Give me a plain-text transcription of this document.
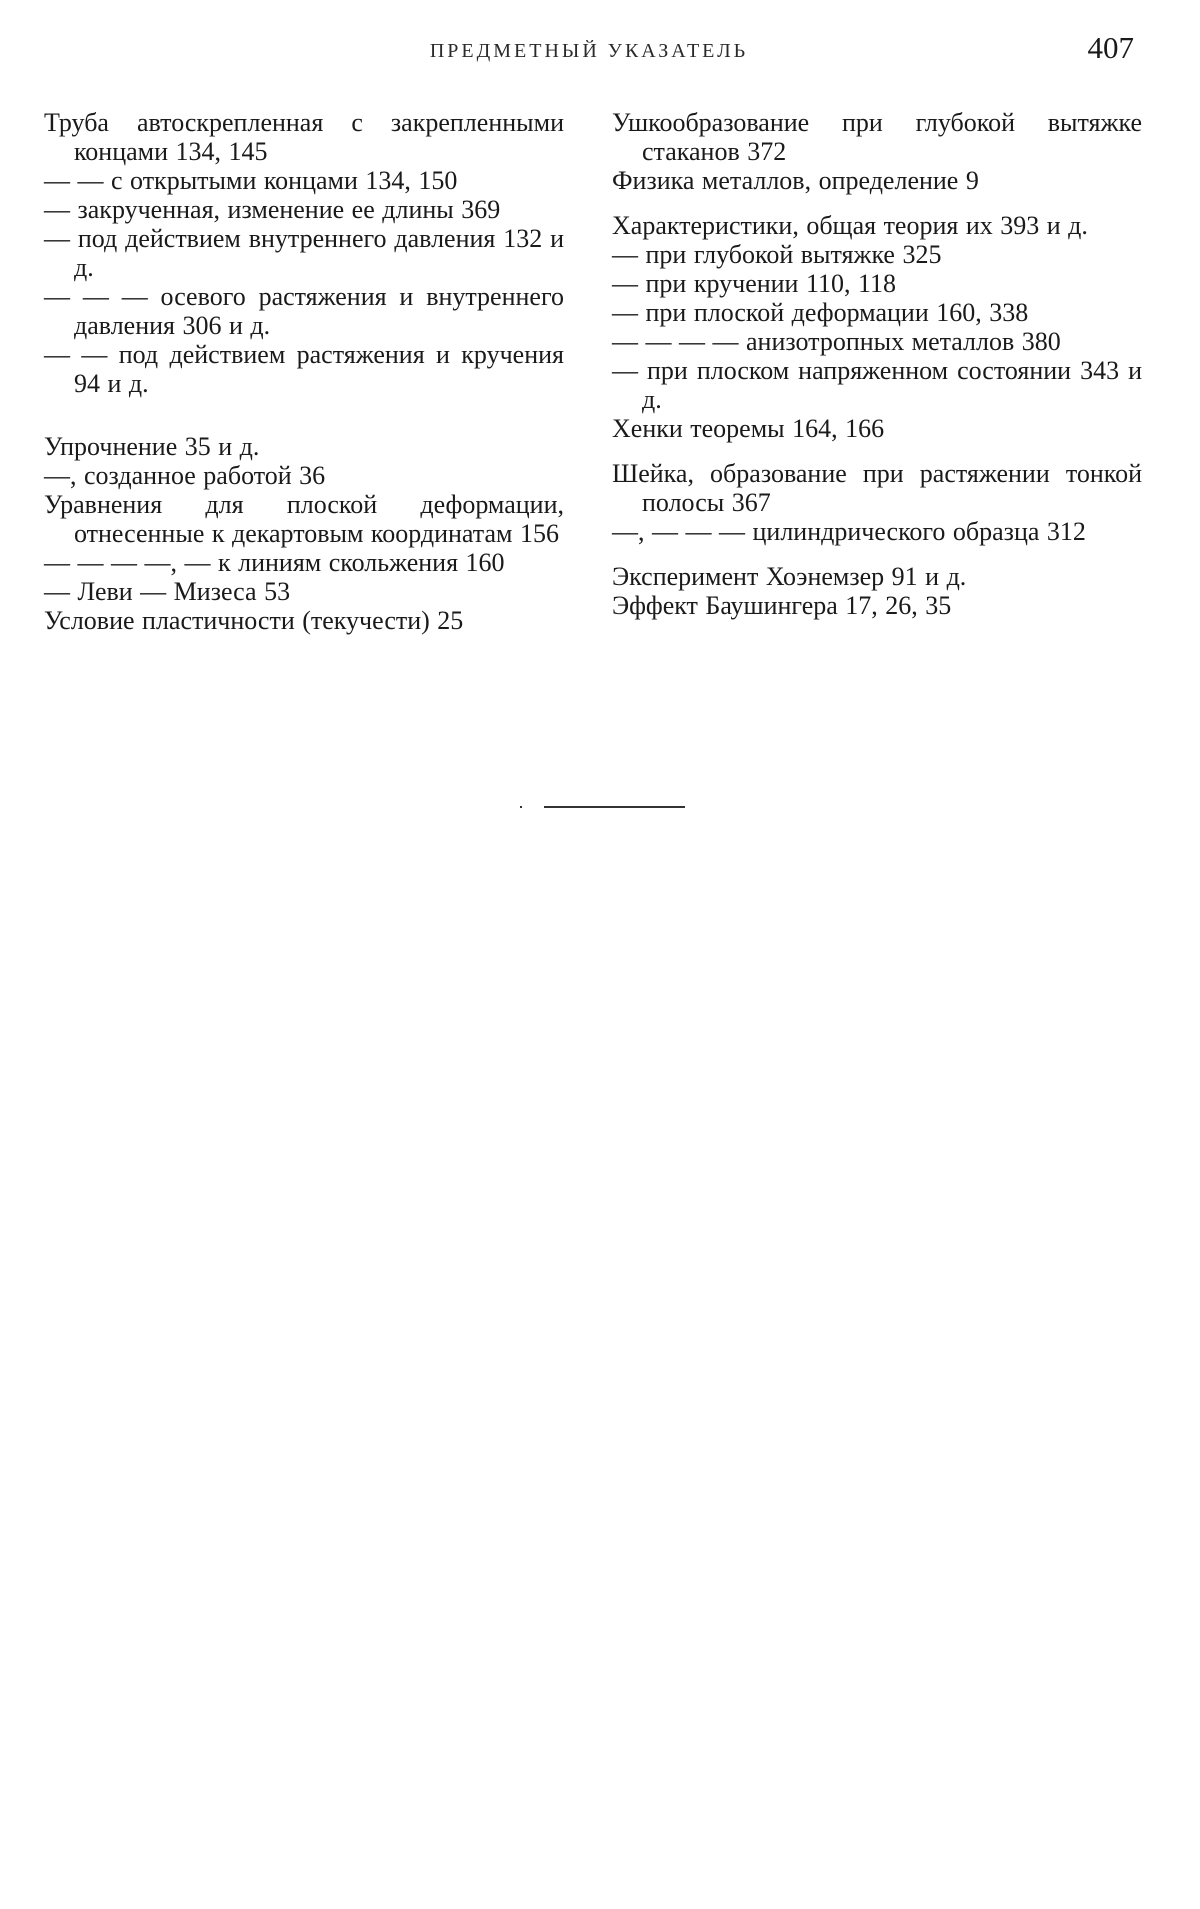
ПРЕДМЕТНЫЙ УКАЗАТЕЛЬ	407
Труба автоскрепленная с закрепленными концами 134, 145
— — с открытыми концами 134, 150
— закрученная, изменение ее длины 369
— под действием внутреннего давления 132 и д.
— — — осевого растяжения и внутреннего давления 306 и д.
— — под действием растяжения и кручения 94 и д.
Упрочнение 35 и д.
—, созданное работой 36
Уравнения для плоской деформации, отнесенные к декартовым координатам 156
— — — —, — к линиям скольжения 160
— Леви — Мизеса 53
Условие пластичности (текучести) 25
Ушкообразование при глубокой вытяжке стаканов 372
Физика металлов, определение 9
Характеристики, общая теория их 393 и д.
— при глубокой вытяжке 325
— при кручении 110, 118
— при плоской деформации 160, 338
— — — — анизотропных металлов 380
— при плоском напряженном состоянии 343 и д.
Хенки теоремы 164, 166
Шейка, образование при растяжении тонкой полосы 367
—, — — — цилиндрического образца 312
Эксперимент Хоэнемзер 91 и д.
Эффект Баушингера 17, 26, 35
